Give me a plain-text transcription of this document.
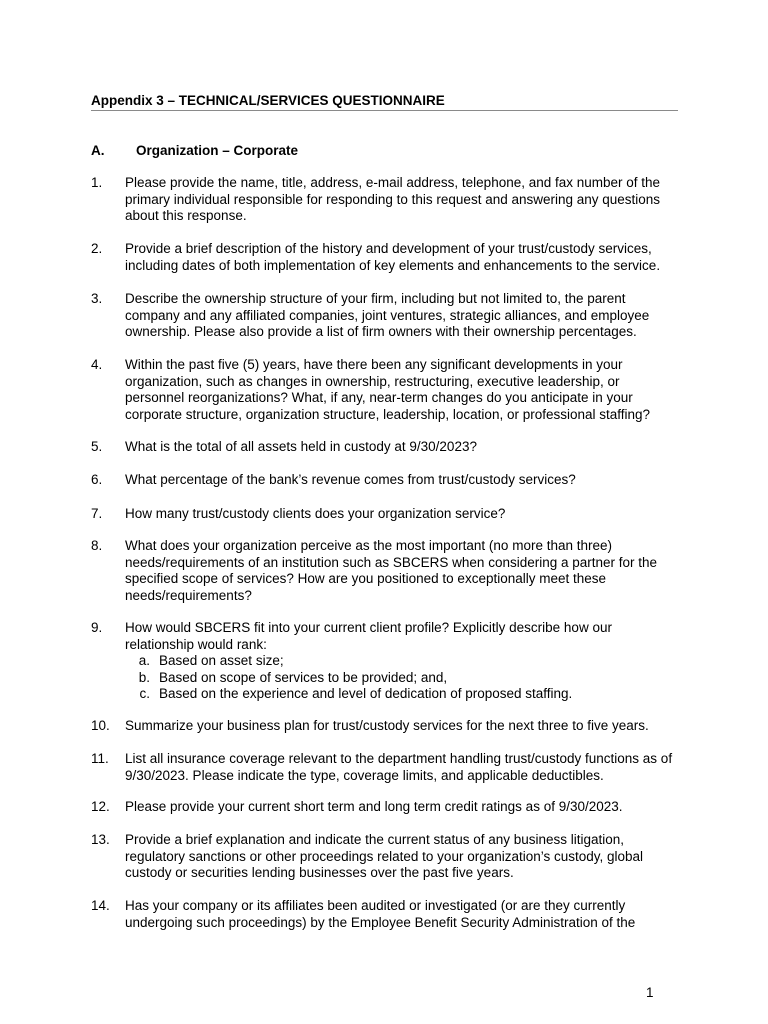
Appendix 3 – TECHNICAL/SERVICES QUESTIONNAIRE
A. Organization – Corporate
1. Please provide the name, title, address, e-mail address, telephone, and fax number of the primary individual responsible for responding to this request and answering any questions about this response.
2. Provide a brief description of the history and development of your trust/custody services, including dates of both implementation of key elements and enhancements to the service.
3. Describe the ownership structure of your firm, including but not limited to, the parent company and any affiliated companies, joint ventures, strategic alliances, and employee ownership. Please also provide a list of firm owners with their ownership percentages.
4. Within the past five (5) years, have there been any significant developments in your organization, such as changes in ownership, restructuring, executive leadership, or personnel reorganizations? What, if any, near-term changes do you anticipate in your corporate structure, organization structure, leadership, location, or professional staffing?
5. What is the total of all assets held in custody at 9/30/2023?
6. What percentage of the bank’s revenue comes from trust/custody services?
7. How many trust/custody clients does your organization service?
8. What does your organization perceive as the most important (no more than three) needs/requirements of an institution such as SBCERS when considering a partner for the specified scope of services? How are you positioned to exceptionally meet these needs/requirements?
9. How would SBCERS fit into your current client profile? Explicitly describe how our relationship would rank:
a. Based on asset size;
b. Based on scope of services to be provided; and,
c. Based on the experience and level of dedication of proposed staffing.
10. Summarize your business plan for trust/custody services for the next three to five years.
11. List all insurance coverage relevant to the department handling trust/custody functions as of 9/30/2023. Please indicate the type, coverage limits, and applicable deductibles.
12. Please provide your current short term and long term credit ratings as of 9/30/2023.
13. Provide a brief explanation and indicate the current status of any business litigation, regulatory sanctions or other proceedings related to your organization’s custody, global custody or securities lending businesses over the past five years.
14. Has your company or its affiliates been audited or investigated (or are they currently undergoing such proceedings) by the Employee Benefit Security Administration of the
1
